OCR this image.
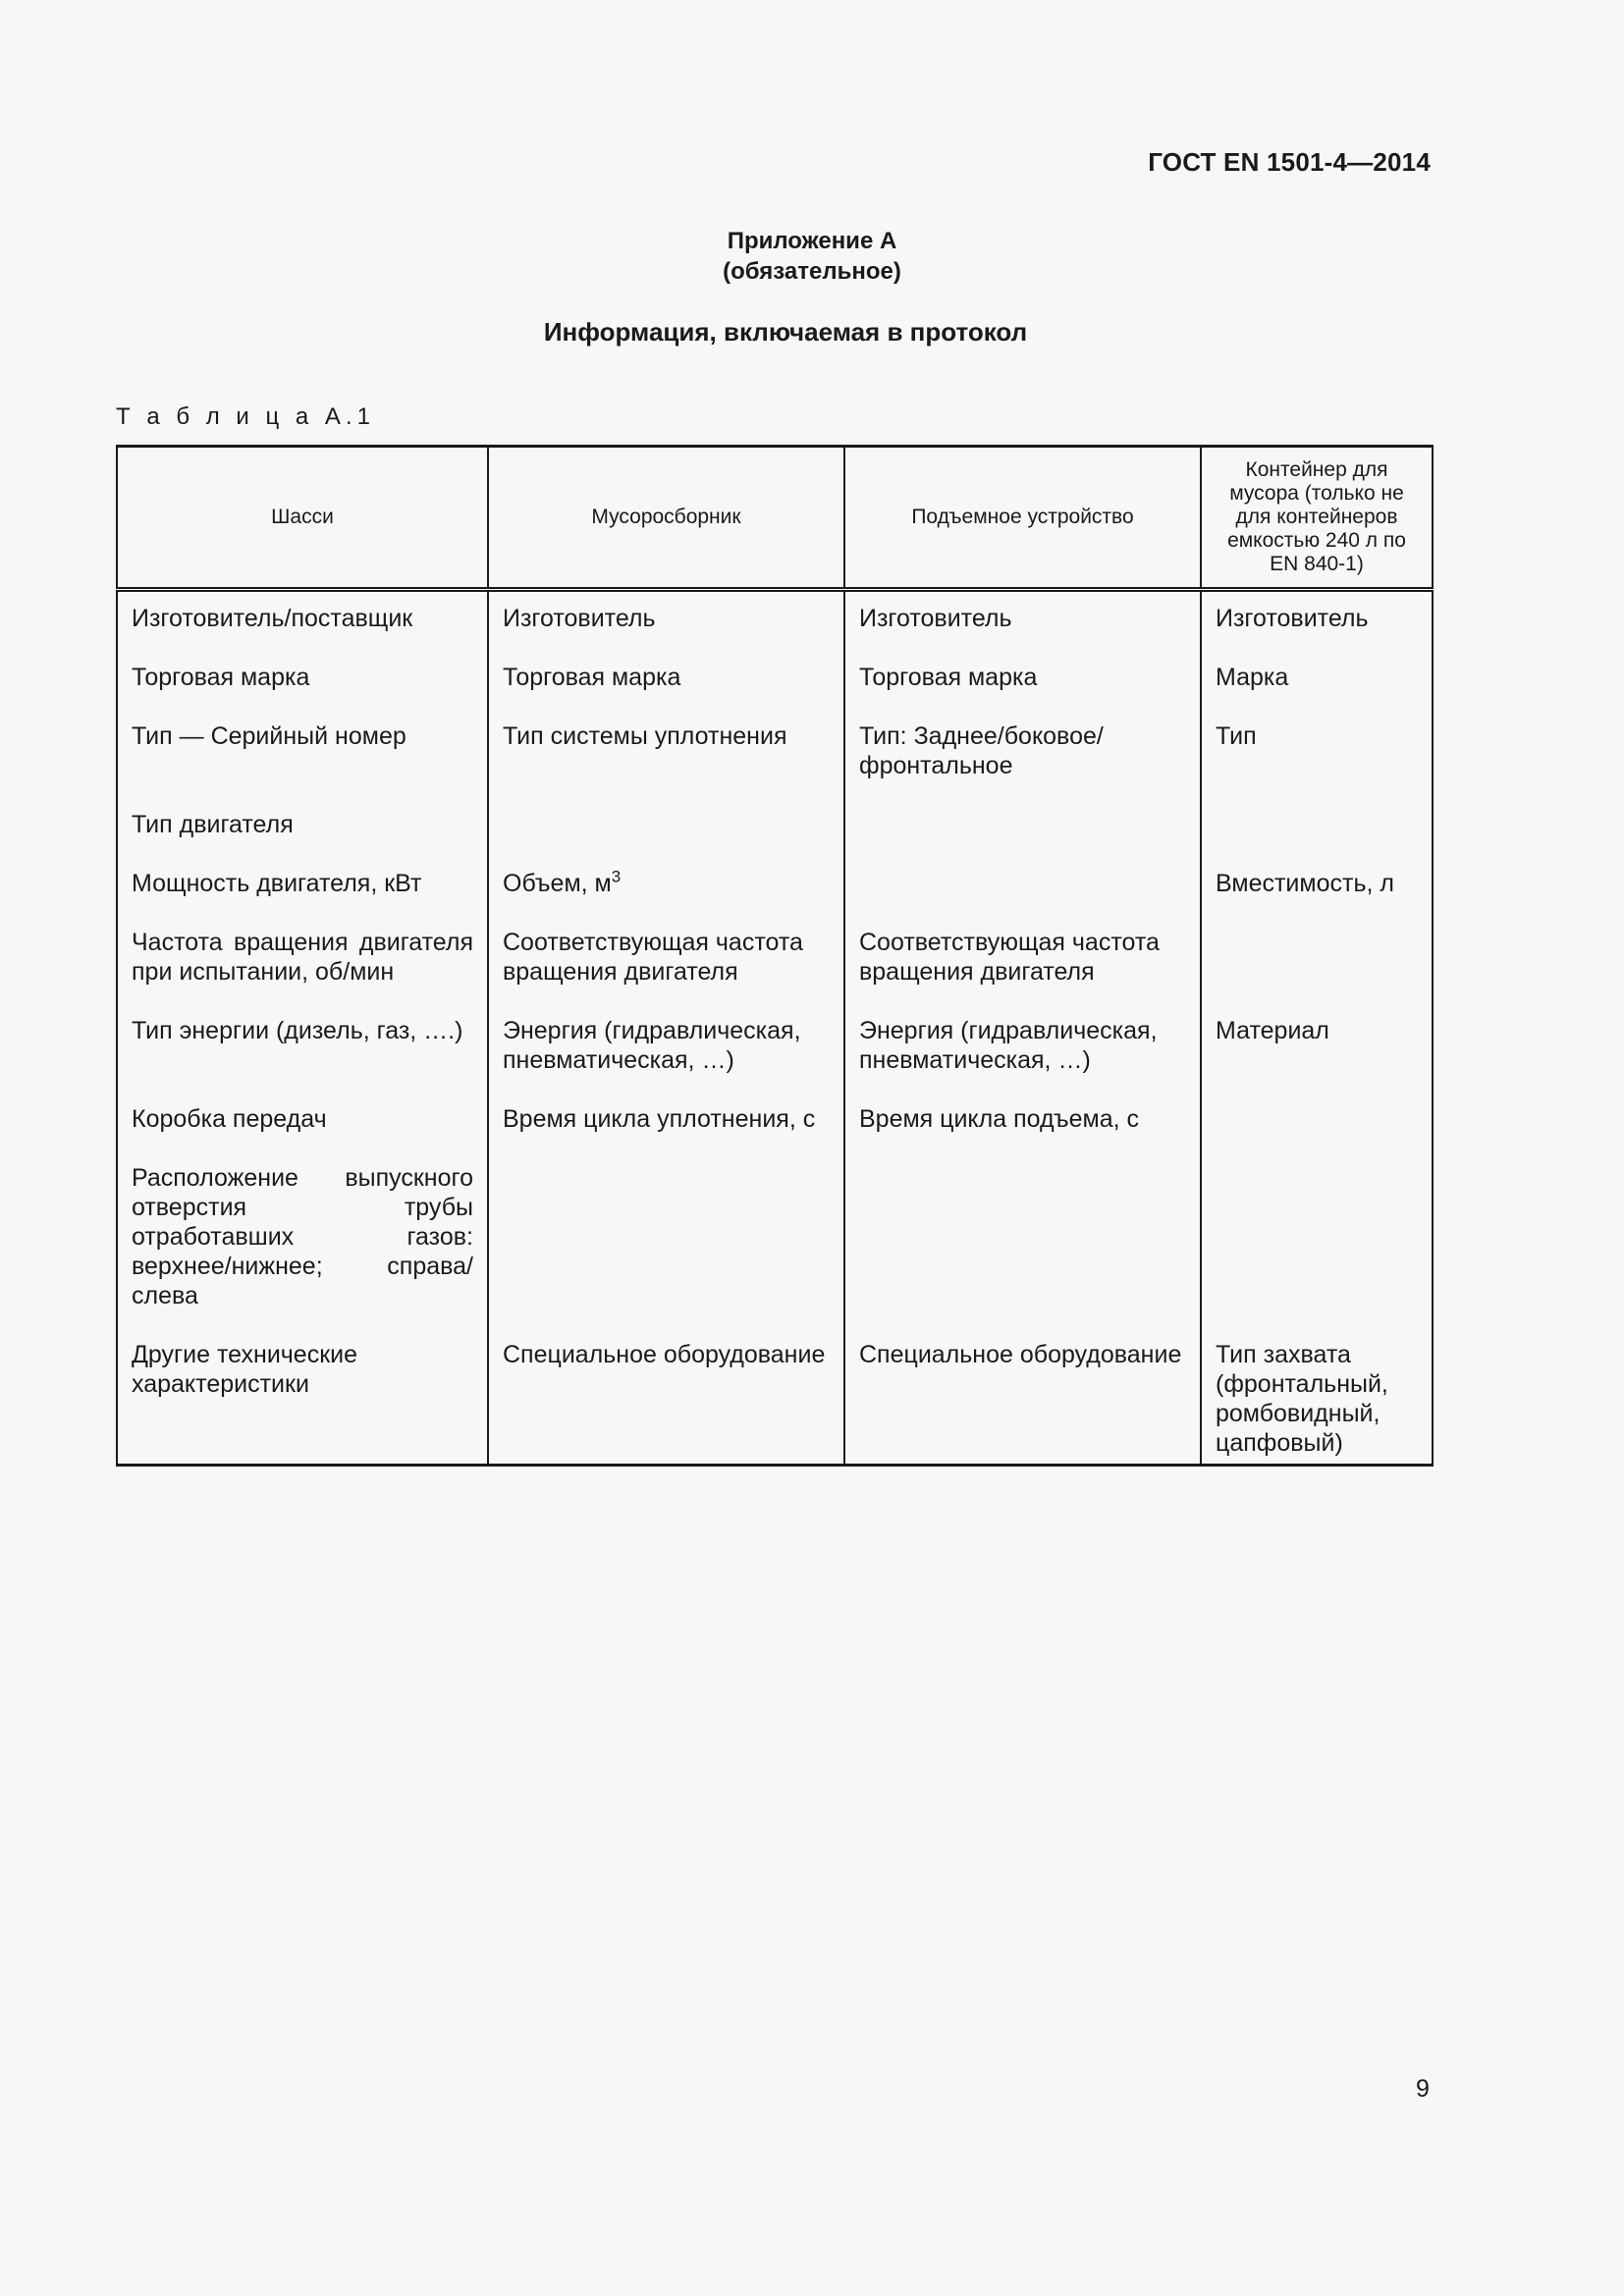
ГОСТ EN 1501-4—2014
Приложение А
(обязательное)
Информация, включаемая в протокол
Т а б л и ц а А.1
Шасси	Мусоросборник	Подъемное устройство	Контейнер для мусора (только не для контейнеров емкостью 240 л по EN 840-1)
Изготовитель/поставщик	Изготовитель	Изготовитель	Изготовитель
Торговая марка	Торговая марка	Торговая марка	Марка
Тип — Серийный номер	Тип системы уплотнения	Тип: Заднее/боковое/ фронтальное	Тип
Тип двигателя			
Мощность двигателя, кВт	Объем, $м^3$		Вместимость, л
Частота вращения двигателя при испытании, об/мин	Соответствующая частота вращения двигателя	Соответствующая частота вращения двигателя	
Тип энергии (дизель, газ, ….)	Энергия (гидравлическая, пневматическая, …)	Энергия (гидравлическая, пневматическая, …)	Материал
Коробка передач	Время цикла уплотнения, с	Время цикла подъема, с	
Расположение выпускного отверстия трубы отработавших газов: верхнее/нижнее; справа/слева			
Другие технические характеристики	Специальное оборудование	Специальное оборудование	Тип захвата (фронтальный, ромбовидный, цапфовый)
9
